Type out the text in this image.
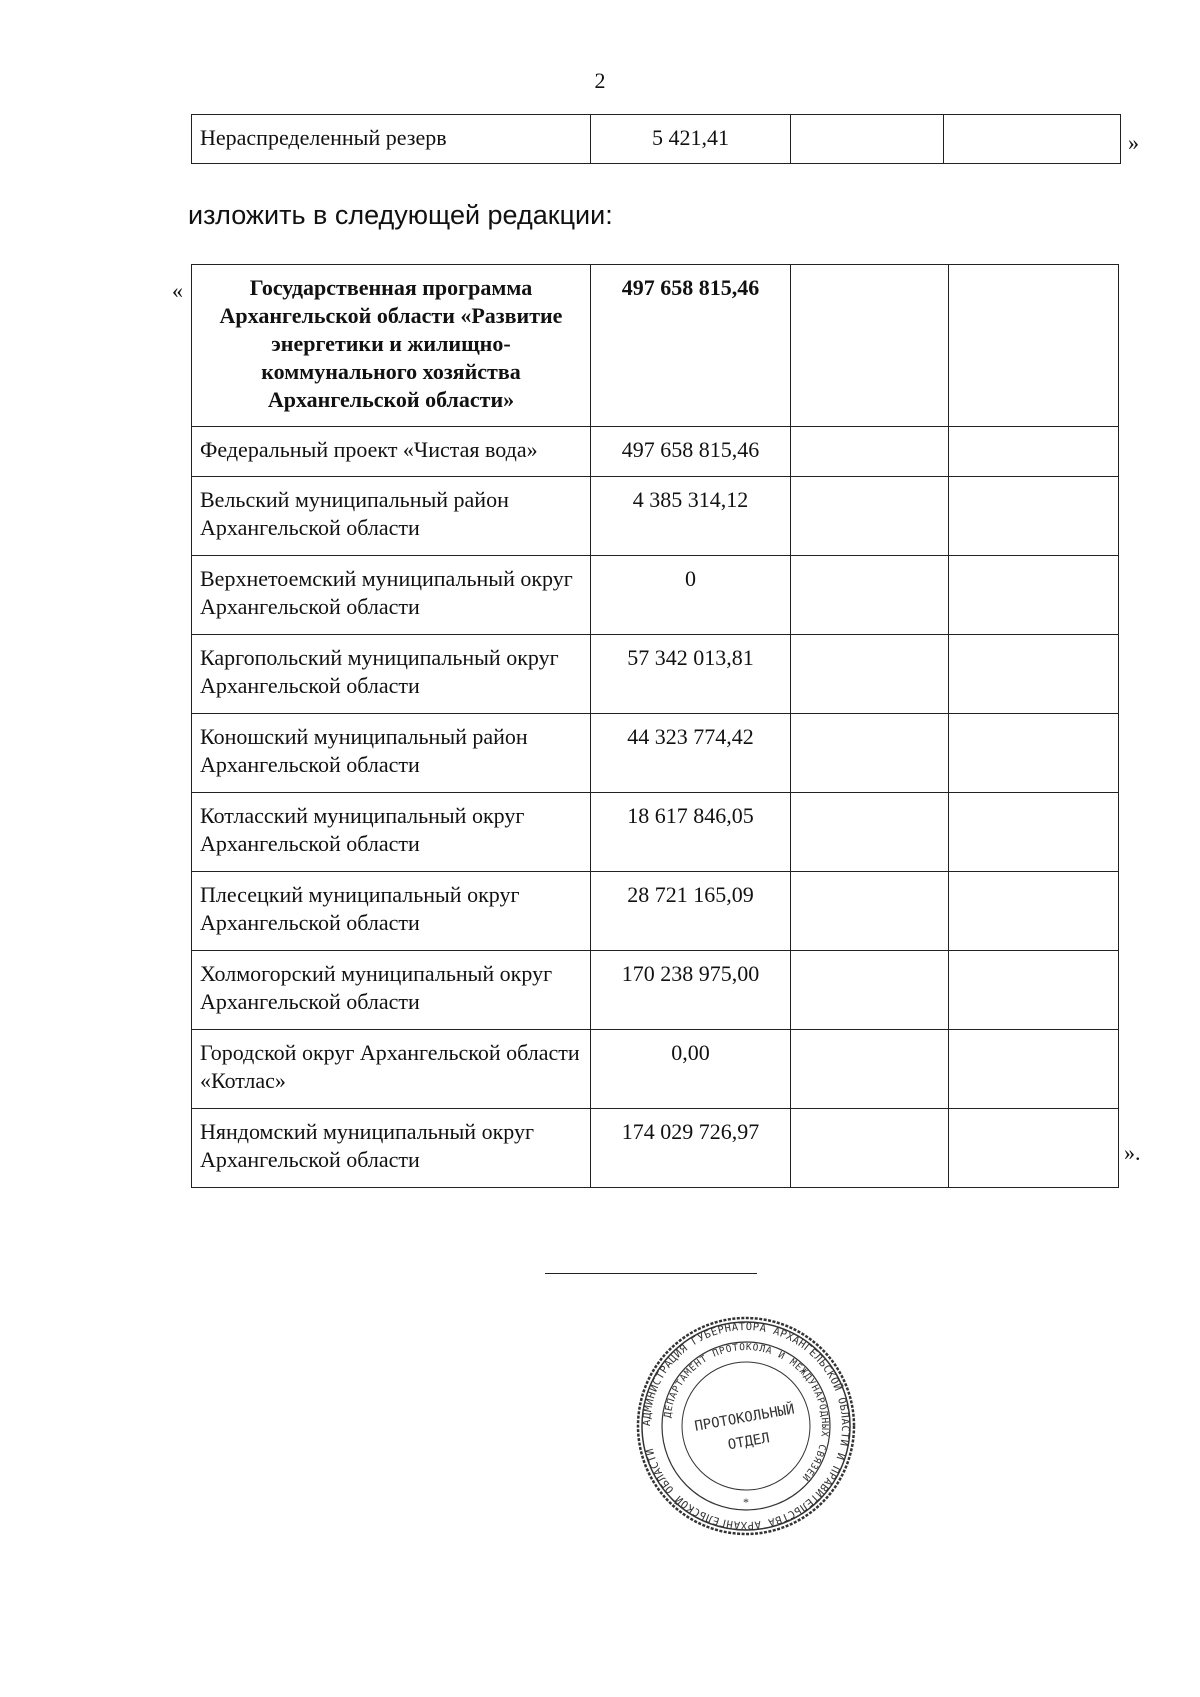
2
Нераспределенный резерв	5 421,41			»
изложить в следующей редакции:
«	Государственная программа Архангельской области «Развитие энергетики и жилищно-коммунального хозяйства Архангельской области»	497 658 815,46		
Федеральный проект «Чистая вода»	497 658 815,46		
Вельский муниципальный район Архангельской области	4 385 314,12		
Верхнетоемский муниципальный округ Архангельской области	0		
Каргопольский муниципальный округ Архангельской области	57 342 013,81		
Коношский муниципальный район Архангельской области	44 323 774,42		
Котласский муниципальный округ Архангельской области	18 617 846,05		
Плесецкий муниципальный округ Архангельской области	28 721 165,09		
Холмогорский муниципальный округ Архангельской области	170 238 975,00		
Городской округ Архангельской области «Котлас»	0,00		
Няндомский муниципальный округ Архангельской области	174 029 726,97		
».
АДМИНИСТРАЦИЯ ГУБЕРНАТОРА АРХАНГЕЛЬСКОЙ ОБЛАСТИ И ПРАВИТЕЛЬСТВА АРХАНГЕЛЬСКОЙ ОБЛАСТИ
ДЕПАРТАМЕНТ ПРОТОКОЛА И МЕЖДУНАРОДНЫХ СВЯЗЕЙ
ПРОТОКОЛЬНЫЙ
ОТДЕЛ
*
